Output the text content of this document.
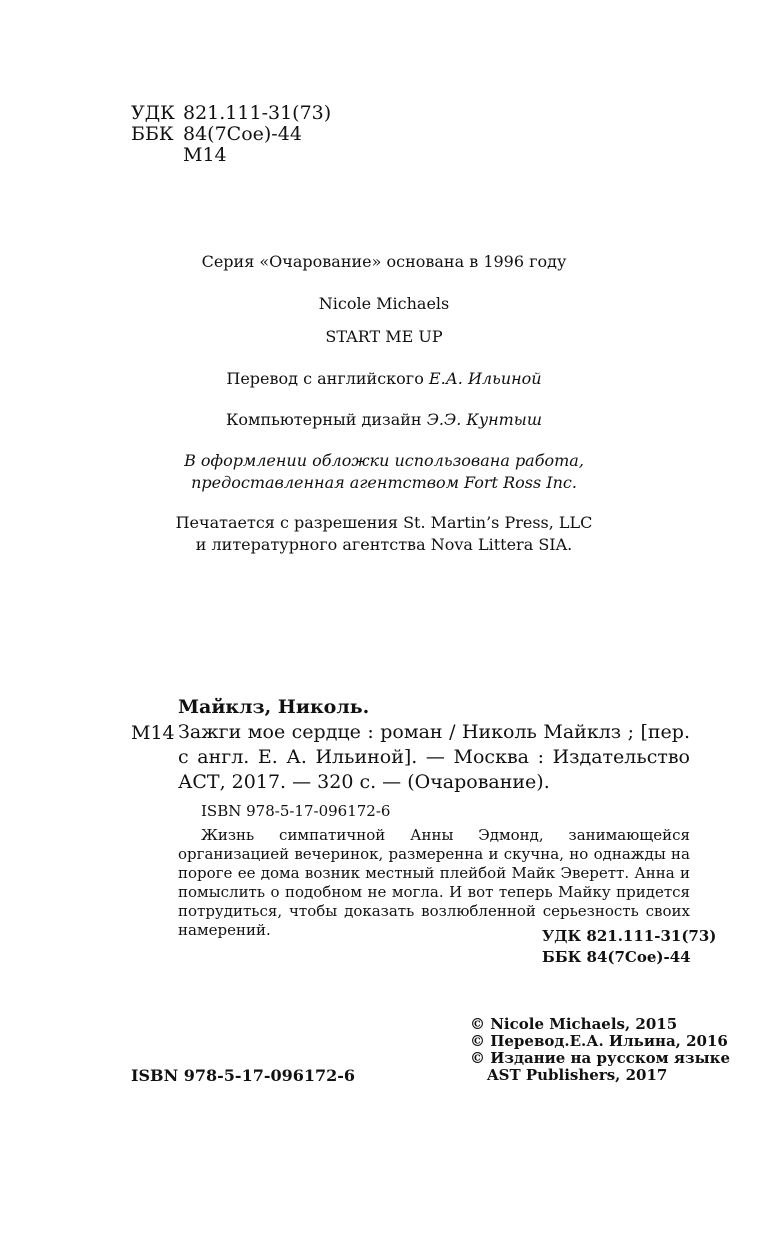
УДК 821.111-31(73)
ББК 84(7Сое)-44
М14
Серия «Очарование» основана в 1996 году
Nicole Michaels
START ME UP
Перевод с английского Е.А. Ильиной
Компьютерный дизайн Э.Э. Кунтыш
В оформлении обложки использована работа,
предоставленная агентством Fort Ross Inc.
Печатается с разрешения St. Martin’s Press, LLC
и литературного агентства Nova Littera SIA.
Майклз, Николь.
М14 Зажги мое сердце : роман / Николь Майклз ; [пер. с англ. Е. А. Ильиной]. — Москва : Издательство АСТ, 2017. — 320 с. — (Очарование).
ISBN 978-5-17-096172-6
Жизнь симпатичной Анны Эдмонд, занимающейся организацией вечеринок, размеренна и скучна, но однажды на пороге ее дома возник местный плейбой Майк Эверетт. Анна и помыслить о подобном не могла. И вот теперь Майку придется потрудиться, чтобы доказать возлюбленной серьезность своих намерений.	УДК 821.111-31(73)
ББК 84(7Сое)-44
© Nicole Michaels, 2015
© Перевод.Е.А. Ильина, 2016
© Издание на русском языке
AST Publishers, 2017
ISBN 978-5-17-096172-6
